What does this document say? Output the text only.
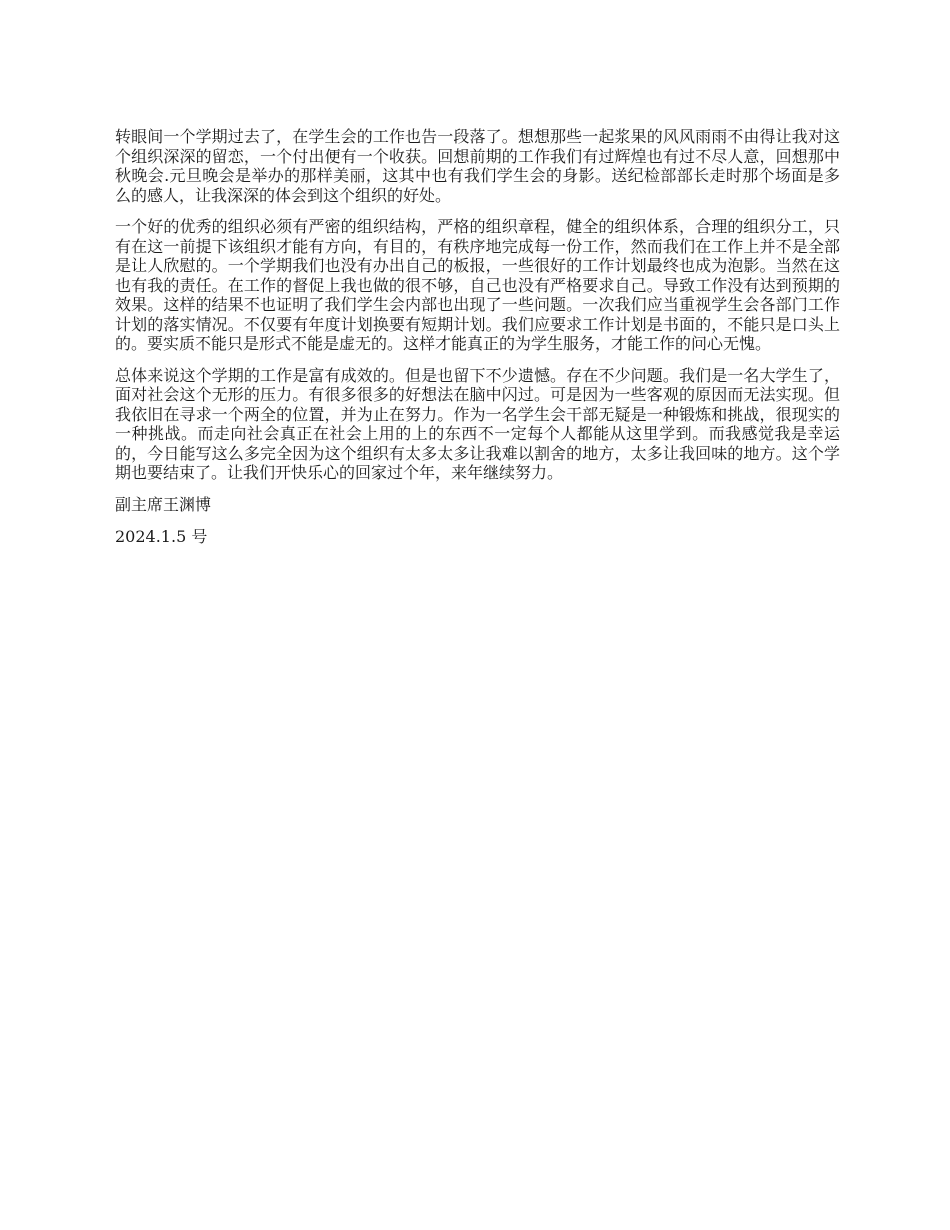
转眼间一个学期过去了，在学生会的工作也告一段落了。想想那些一起浆果的风风雨雨不由得让我对这个组织深深的留恋，一个付出便有一个收获。回想前期的工作我们有过辉煌也有过不尽人意，回想那中秋晚会.元旦晚会是举办的那样美丽，这其中也有我们学生会的身影。送纪检部部长走时那个场面是多么的感人，让我深深的体会到这个组织的好处。

一个好的优秀的组织必须有严密的组织结构，严格的组织章程，健全的组织体系，合理的组织分工，只有在这一前提下该组织才能有方向，有目的，有秩序地完成每一份工作，然而我们在工作上并不是全部是让人欣慰的。一个学期我们也没有办出自己的板报，一些很好的工作计划最终也成为泡影。当然在这也有我的责任。在工作的督促上我也做的很不够，自己也没有严格要求自己。导致工作没有达到预期的效果。这样的结果不也证明了我们学生会内部也出现了一些问题。一次我们应当重视学生会各部门工作计划的落实情况。不仅要有年度计划换要有短期计划。我们应要求工作计划是书面的，不能只是口头上的。要实质不能只是形式不能是虚无的。这样才能真正的为学生服务，才能工作的问心无愧。

总体来说这个学期的工作是富有成效的。但是也留下不少遗憾。存在不少问题。我们是一名大学生了，面对社会这个无形的压力。有很多很多的好想法在脑中闪过。可是因为一些客观的原因而无法实现。但我依旧在寻求一个两全的位置，并为止在努力。作为一名学生会干部无疑是一种锻炼和挑战，很现实的一种挑战。而走向社会真正在社会上用的上的东西不一定每个人都能从这里学到。而我感觉我是幸运的，今日能写这么多完全因为这个组织有太多太多让我难以割舍的地方，太多让我回味的地方。这个学期也要结束了。让我们开快乐心的回家过个年，来年继续努力。

副主席王渊博

2024.1.5 号
